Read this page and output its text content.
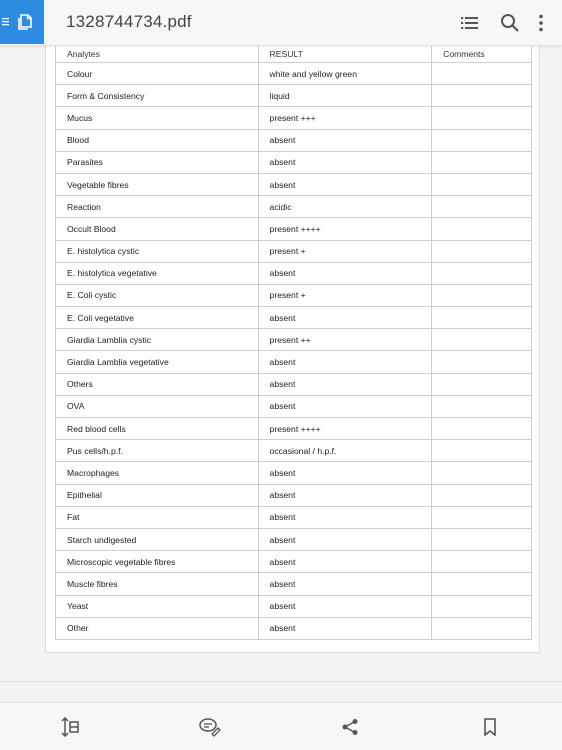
1328744734.pdf
Analytes	RESULT	Comments
Colour	white and yellow green	
Form & Consistency	liquid	
Mucus	present +++	
Blood	absent	
Parasites	absent	
Vegetable fibres	absent	
Reaction	acidic	
Occult Blood	present ++++	
E. histolytica cystic	present +	
E. histolytica vegetative	absent	
E. Coli cystic	present +	
E. Coli vegetative	absent	
Giardia Lamblia cystic	present ++	
Giardia Lamblia vegetative	absent	
Others	absent	
OVA	absent	
Red blood cells	present ++++	
Pus cells/h.p.f.	occasional / h.p.f.	
Macrophages	absent	
Epithelial	absent	
Fat	absent	
Starch undigested	absent	
Microscopic vegetable fibres	absent	
Muscle fibres	absent	
Yeast	absent	
Other	absent	
